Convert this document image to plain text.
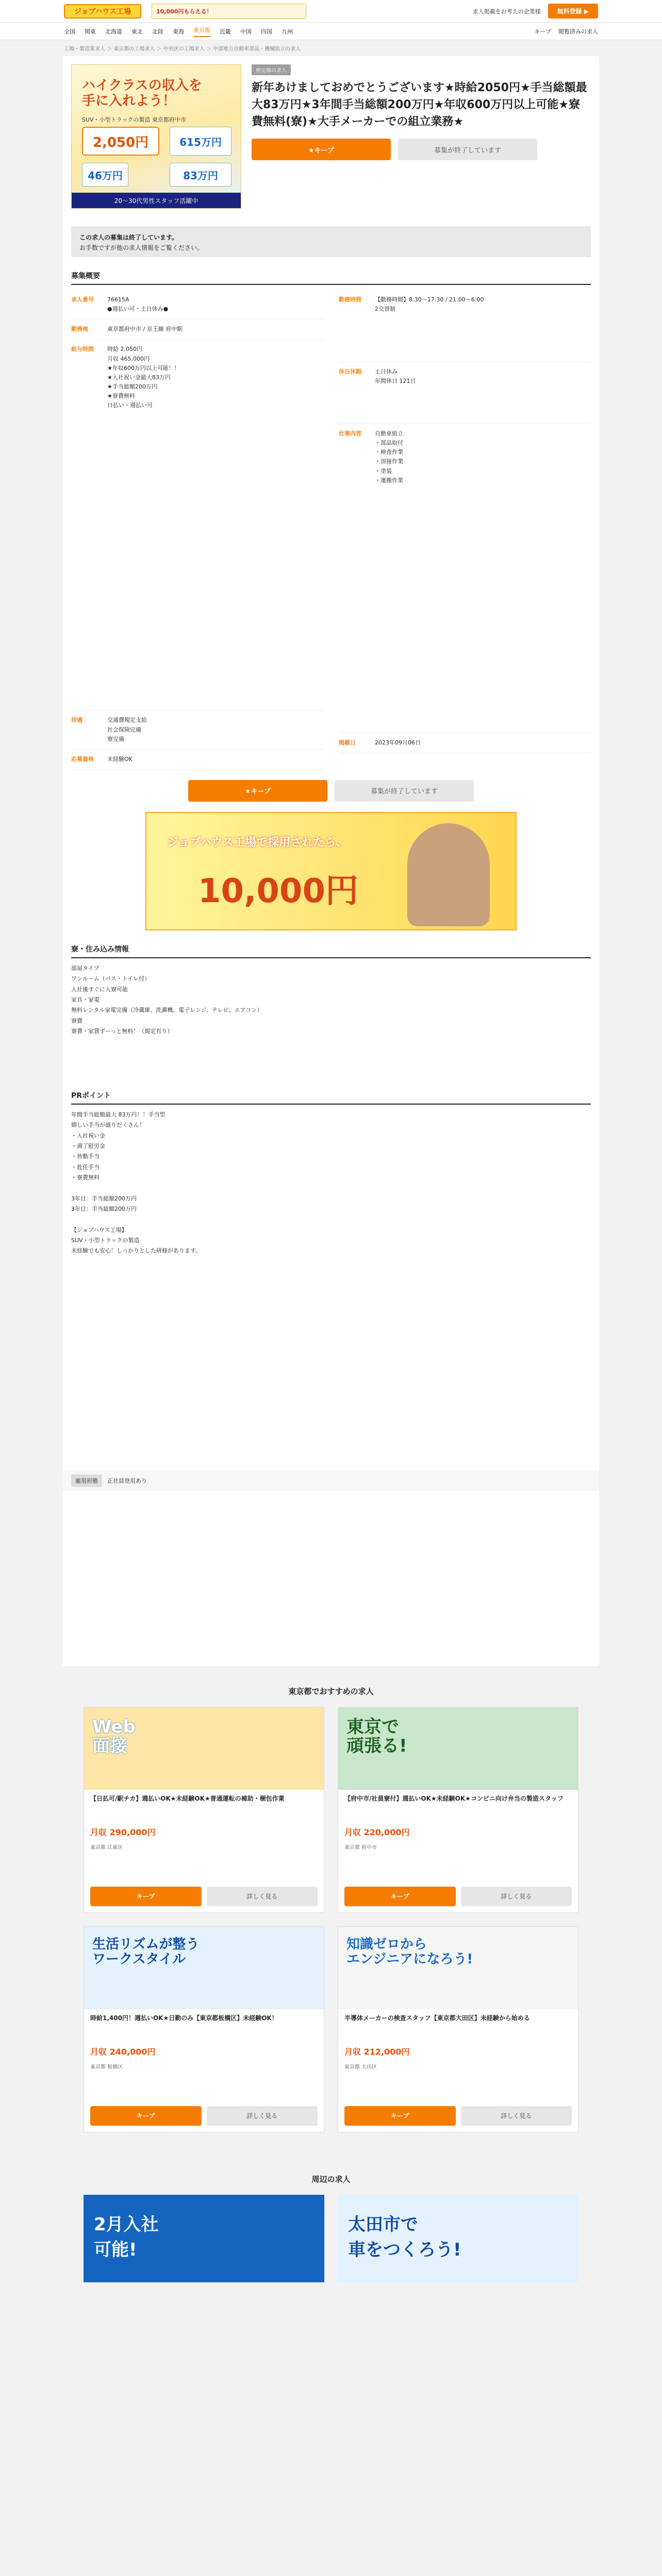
ジョブハウス工場	10,000円もらえる！	求人掲載をお考えの企業様	無料登録 ▶
全国 関東 北海道 東北 北陸 東海 東京都 近畿 中国 四国 九州	キープ 閲覧済みの求人
工場・製造業求人 ＞ 東京都の工場求人 ＞ 中央区の工場求人 ＞ 中部地方自動車部品・機械組立の求人
ハイクラスの収入を
手に入れよう！
SUV・小型トラックの製造 東京都府中市
2,050円
46万円
615万円
83万円
20〜30代男性スタッフ活躍中
寮完備の求人
新年あけましておめでとうございます★時給2050円★手当総額最大83万円★3年間手当総額200万円★年収600万円以上可能★寮費無料(寮)★大手メーカーでの組立業務★
★キープ	募集が終了しています
この求人の募集は終了しています。
お手数ですが他の求人情報をご覧ください。
募集概要
求人番号	76615A
●週払い可・土日休み●
勤務地	東京都府中市 / 京王線 府中駅
給与時間	時給 2,050円
月収 465,000円
★年収600万円以上可能！！
★入社祝い金最大83万円
★手当総額200万円
★寮費無料
日払い・週払い可
待遇	交通費規定支給
社会保険完備
寮完備
応募資格	未経験OK
勤務時間	【勤務時間】8:30〜17:30 / 21:00〜6:00
2交替制
休日休暇	土日休み
年間休日 121日
仕事内容	自動車組立
・部品取付
・検査作業
・溶接作業
・塗装
・運搬作業
掲載日	2023年09月06日
★キープ	募集が終了しています
ジョブハウス工場で採用されたら、
10,000円
寮・住み込み情報
部屋タイプ
ワンルーム（バス・トイレ付）
入社後すぐに入寮可能
家具・家電
無料レンタル家電完備（冷蔵庫、洗濯機、電子レンジ、テレビ、エアコン）
寮費
寮費・家賃ずーっと無料！（規定有り）
PRポイント
年間手当総額最大 83万円！！手当型
嬉しい手当が盛りだくさん！
・入社祝い金
・満了慰労金
・皆勤手当
・赴任手当
・寮費無料

3年目：手当総額200万円
3年目：手当総額200万円

【ジョブハウス工場】
SUV・小型トラックの製造
未経験でも安心！しっかりとした研修があります。
雇用形態	正社員登用あり
東京都でおすすめの求人
Web
面接
【日払可/駅チカ】週払いOK★未経験OK★普通運転の補助・梱包作業
月収 290,000円
東京都 江東区
キープ	詳しく見る
東京で
頑張る!
【府中市/社員寮付】週払いOK★未経験OK★コンビニ向け弁当の製造スタッフ
月収 220,000円
東京都 府中市
キープ	詳しく見る
生活リズムが整う
ワークスタイル
時給1,400円！週払いOK★日勤のみ【東京都板橋区】未経験OK！
月収 240,000円
東京都 板橋区
キープ	詳しく見る
知識ゼロから
エンジニアになろう!
半導体メーカーの検査スタッフ【東京都大田区】未経験から始める
月収 212,000円
東京都 大田区
キープ	詳しく見る
周辺の求人
2月入社
可能!
太田市で
車をつくろう!
